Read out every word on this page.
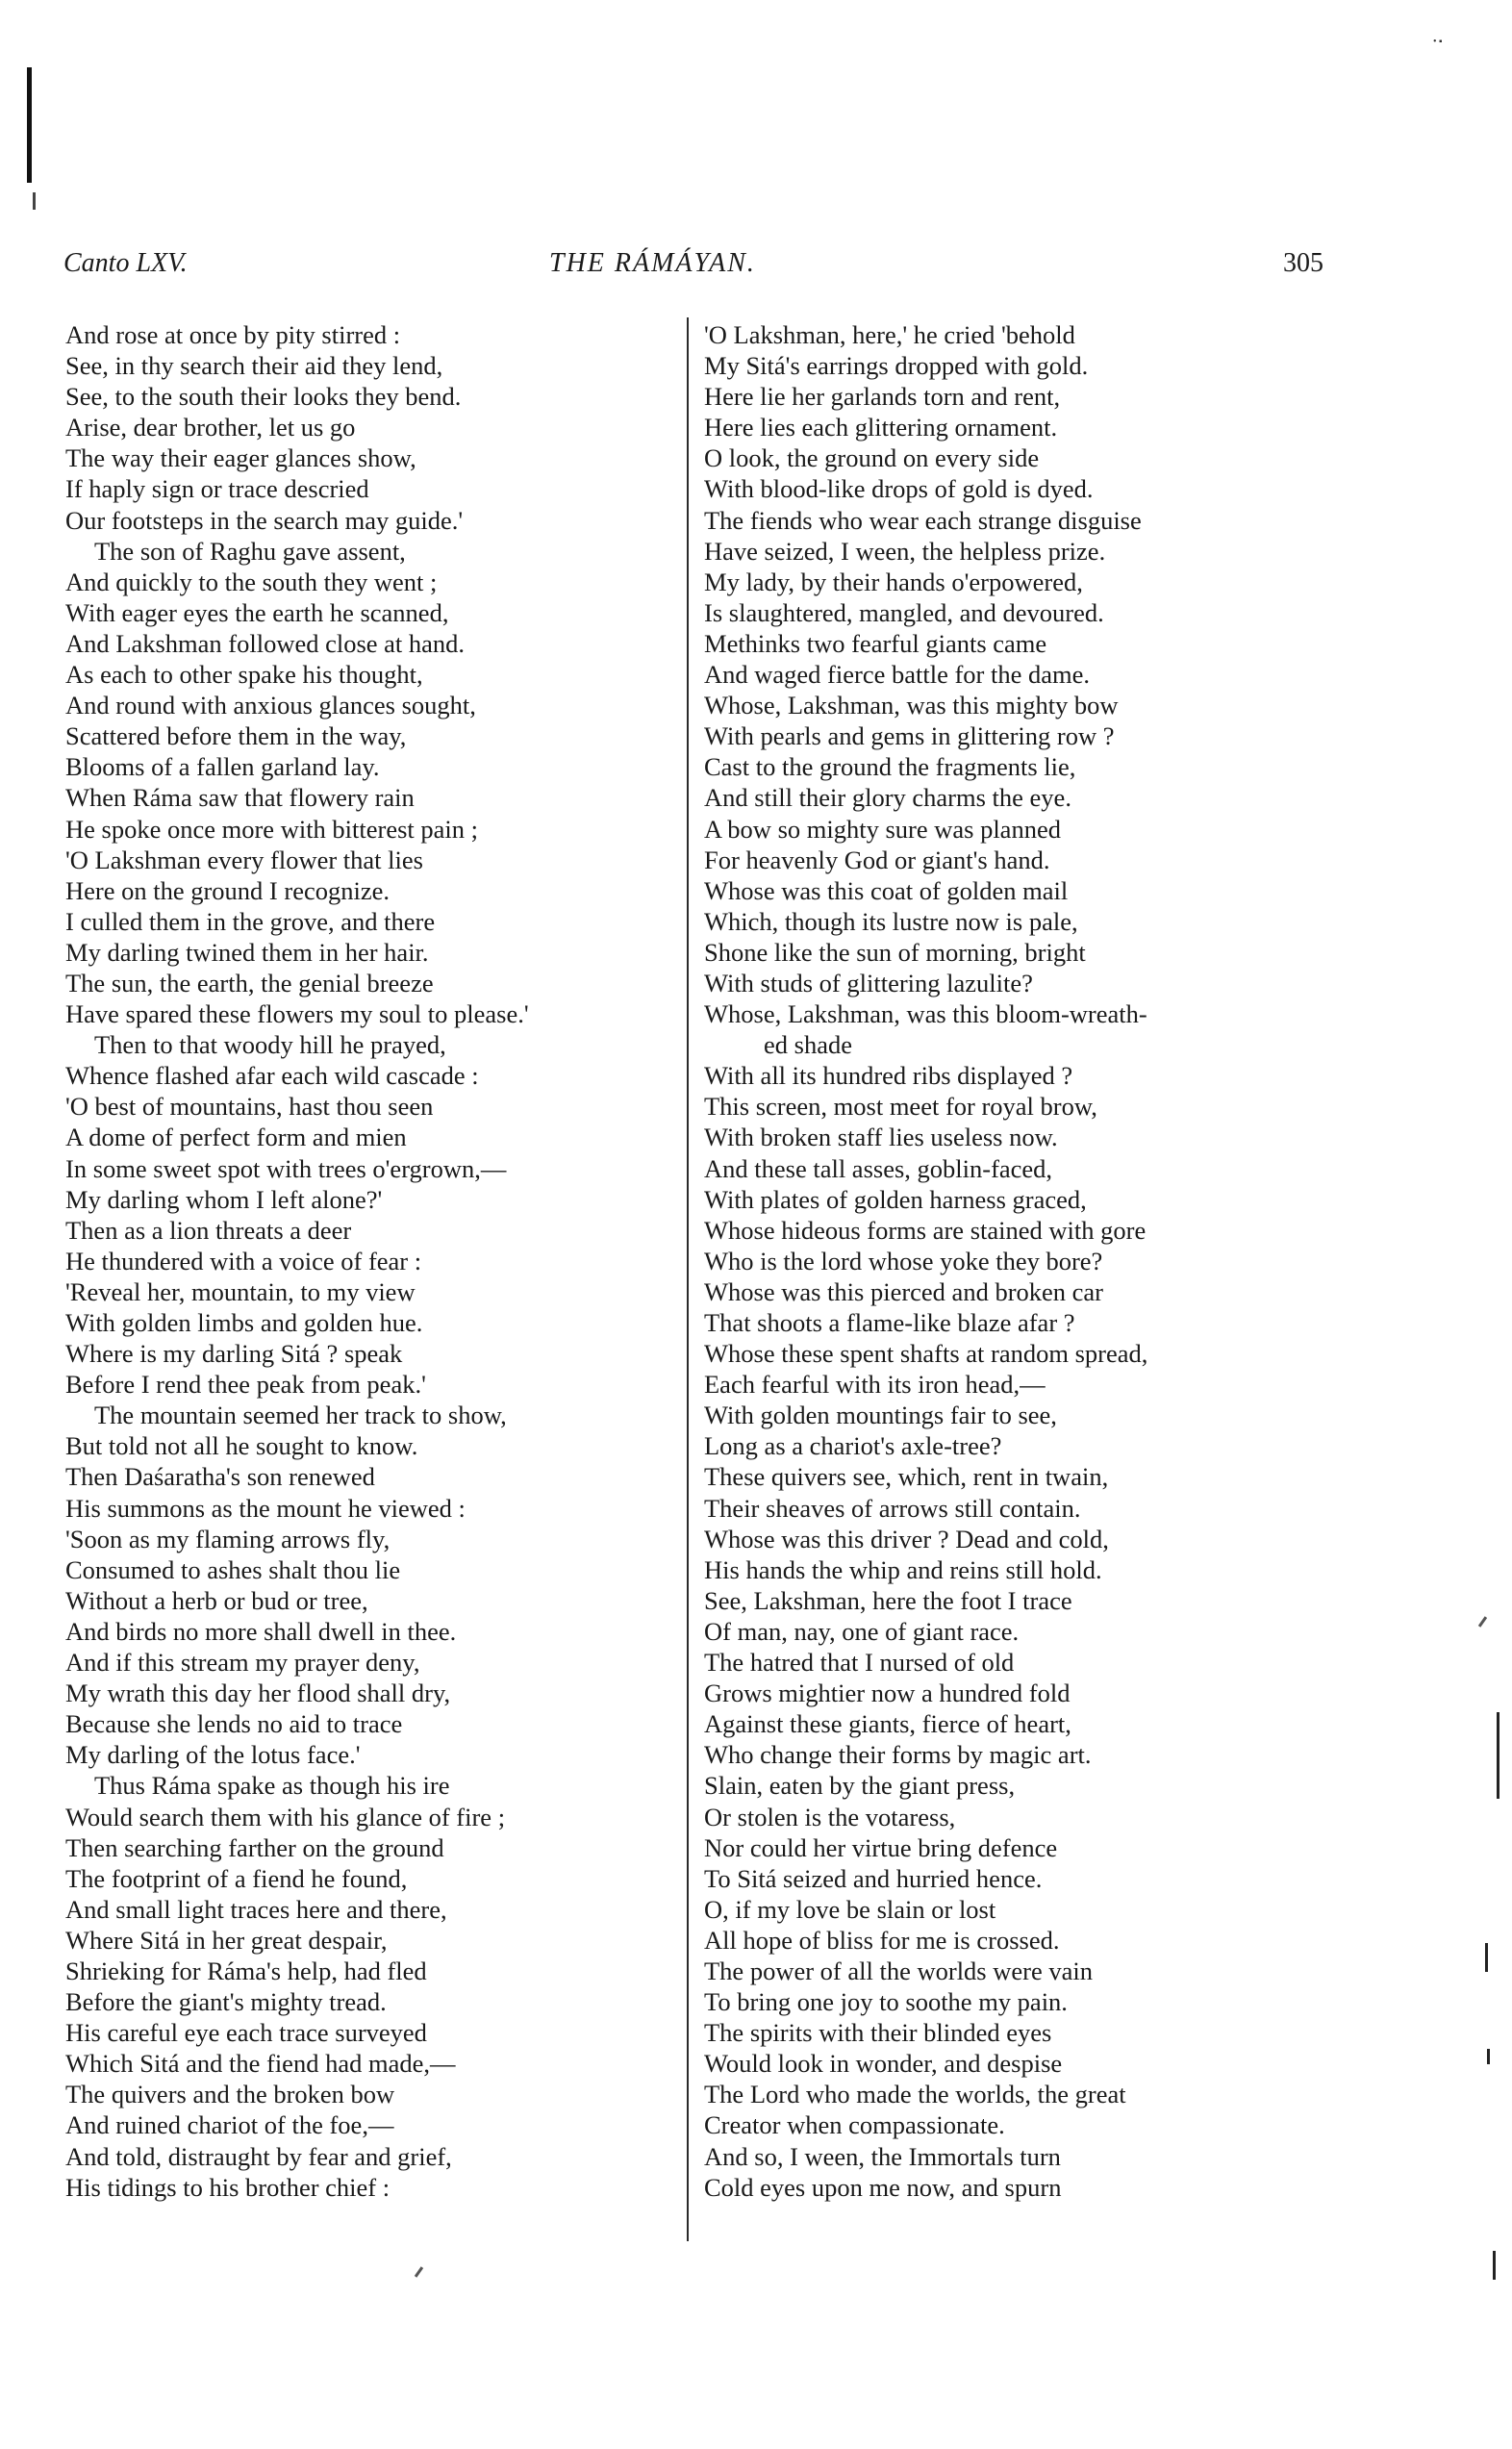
• ▪
Canto LXV.	THE RÁMÁYAN.	305
And rose at once by pity stirred :
See, in thy search their aid they lend,
See, to the south their looks they bend.
Arise, dear brother, let us go
The way their eager glances show,
If haply sign or trace descried
Our footsteps in the search may guide.'
The son of Raghu gave assent,
And quickly to the south they went ;
With eager eyes the earth he scanned,
And Lakshman followed close at hand.
As each to other spake his thought,
And round with anxious glances sought,
Scattered before them in the way,
Blooms of a fallen garland lay.
When Ráma saw that flowery rain
He spoke once more with bitterest pain ;
'O Lakshman every flower that lies
Here on the ground I recognize.
I culled them in the grove, and there
My darling twined them in her hair.
The sun, the earth, the genial breeze
Have spared these flowers my soul to please.'
Then to that woody hill he prayed,
Whence flashed afar each wild cascade :
'O best of mountains, hast thou seen
A dome of perfect form and mien
In some sweet spot with trees o'ergrown,—
My darling whom I left alone?'
Then as a lion threats a deer
He thundered with a voice of fear :
'Reveal her, mountain, to my view
With golden limbs and golden hue.
Where is my darling Sitá ? speak
Before I rend thee peak from peak.'
The mountain seemed her track to show,
But told not all he sought to know.
Then Daśaratha's son renewed
His summons as the mount he viewed :
'Soon as my flaming arrows fly,
Consumed to ashes shalt thou lie
Without a herb or bud or tree,
And birds no more shall dwell in thee.
And if this stream my prayer deny,
My wrath this day her flood shall dry,
Because she lends no aid to trace
My darling of the lotus face.'
Thus Ráma spake as though his ire
Would search them with his glance of fire ;
Then searching farther on the ground
The footprint of a fiend he found,
And small light traces here and there,
Where Sitá in her great despair,
Shrieking for Ráma's help, had fled
Before the giant's mighty tread.
His careful eye each trace surveyed
Which Sitá and the fiend had made,—
The quivers and the broken bow
And ruined chariot of the foe,—
And told, distraught by fear and grief,
His tidings to his brother chief :
'O Lakshman, here,' he cried 'behold
My Sitá's earrings dropped with gold.
Here lie her garlands torn and rent,
Here lies each glittering ornament.
O look, the ground on every side
With blood-like drops of gold is dyed.
The fiends who wear each strange disguise
Have seized, I ween, the helpless prize.
My lady, by their hands o'erpowered,
Is slaughtered, mangled, and devoured.
Methinks two fearful giants came
And waged fierce battle for the dame.
Whose, Lakshman, was this mighty bow
With pearls and gems in glittering row ?
Cast to the ground the fragments lie,
And still their glory charms the eye.
A bow so mighty sure was planned
For heavenly God or giant's hand.
Whose was this coat of golden mail
Which, though its lustre now is pale,
Shone like the sun of morning, bright
With studs of glittering lazulite?
Whose, Lakshman, was this bloom-wreath-
ed shade
With all its hundred ribs displayed ?
This screen, most meet for royal brow,
With broken staff lies useless now.
And these tall asses, goblin-faced,
With plates of golden harness graced,
Whose hideous forms are stained with gore
Who is the lord whose yoke they bore?
Whose was this pierced and broken car
That shoots a flame-like blaze afar ?
Whose these spent shafts at random spread,
Each fearful with its iron head,—
With golden mountings fair to see,
Long as a chariot's axle-tree?
These quivers see, which, rent in twain,
Their sheaves of arrows still contain.
Whose was this driver ? Dead and cold,
His hands the whip and reins still hold.
See, Lakshman, here the foot I trace
Of man, nay, one of giant race.
The hatred that I nursed of old
Grows mightier now a hundred fold
Against these giants, fierce of heart,
Who change their forms by magic art.
Slain, eaten by the giant press,
Or stolen is the votaress,
Nor could her virtue bring defence
To Sitá seized and hurried hence.
O, if my love be slain or lost
All hope of bliss for me is crossed.
The power of all the worlds were vain
To bring one joy to soothe my pain.
The spirits with their blinded eyes
Would look in wonder, and despise
The Lord who made the worlds, the great
Creator when compassionate.
And so, I ween, the Immortals turn
Cold eyes upon me now, and spurn
